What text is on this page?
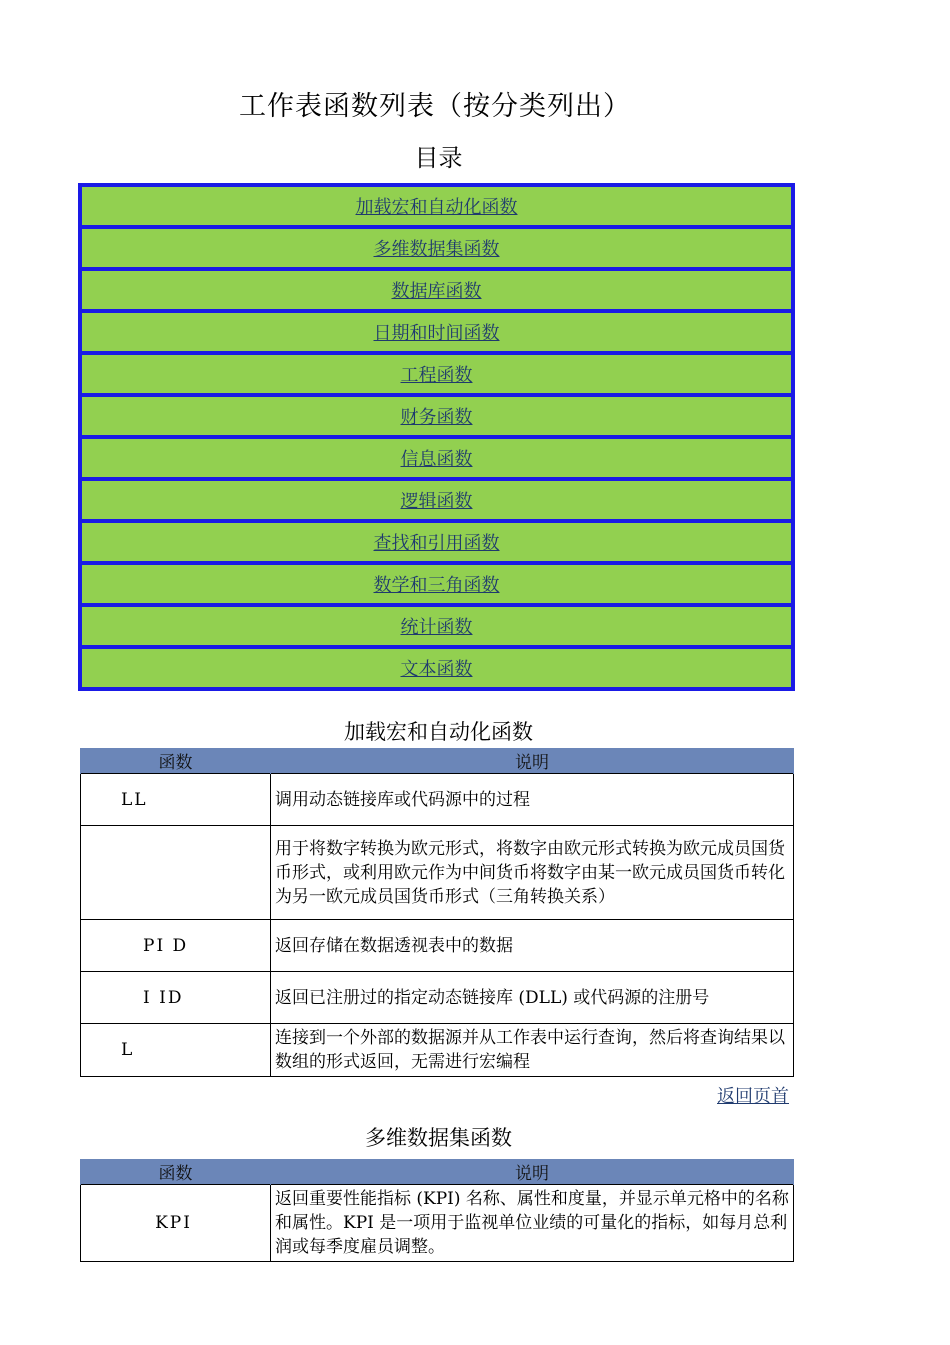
工作表函数列表（按分类列出）
目录
加载宏和自动化函数
多维数据集函数
数据库函数
日期和时间函数
工程函数
财务函数
信息函数
逻辑函数
查找和引用函数
数学和三角函数
统计函数
文本函数
加载宏和自动化函数
函数	说明
LL	调用动态链接库或代码源中的过程
	用于将数字转换为欧元形式，将数字由欧元形式转换为欧元成员国货币形式，或利用欧元作为中间货币将数字由某一欧元成员国货币转化为另一欧元成员国货币形式（三角转换关系）
PI D	返回存储在数据透视表中的数据
I ID	返回已注册过的指定动态链接库 (DLL) 或代码源的注册号
L	连接到一个外部的数据源并从工作表中运行查询，然后将查询结果以数组的形式返回，无需进行宏编程
返回页首
多维数据集函数
函数	说明
KPI	返回重要性能指标 (KPI) 名称、属性和度量，并显示单元格中的名称和属性。KPI 是一项用于监视单位业绩的可量化的指标，如每月总利润或每季度雇员调整。
